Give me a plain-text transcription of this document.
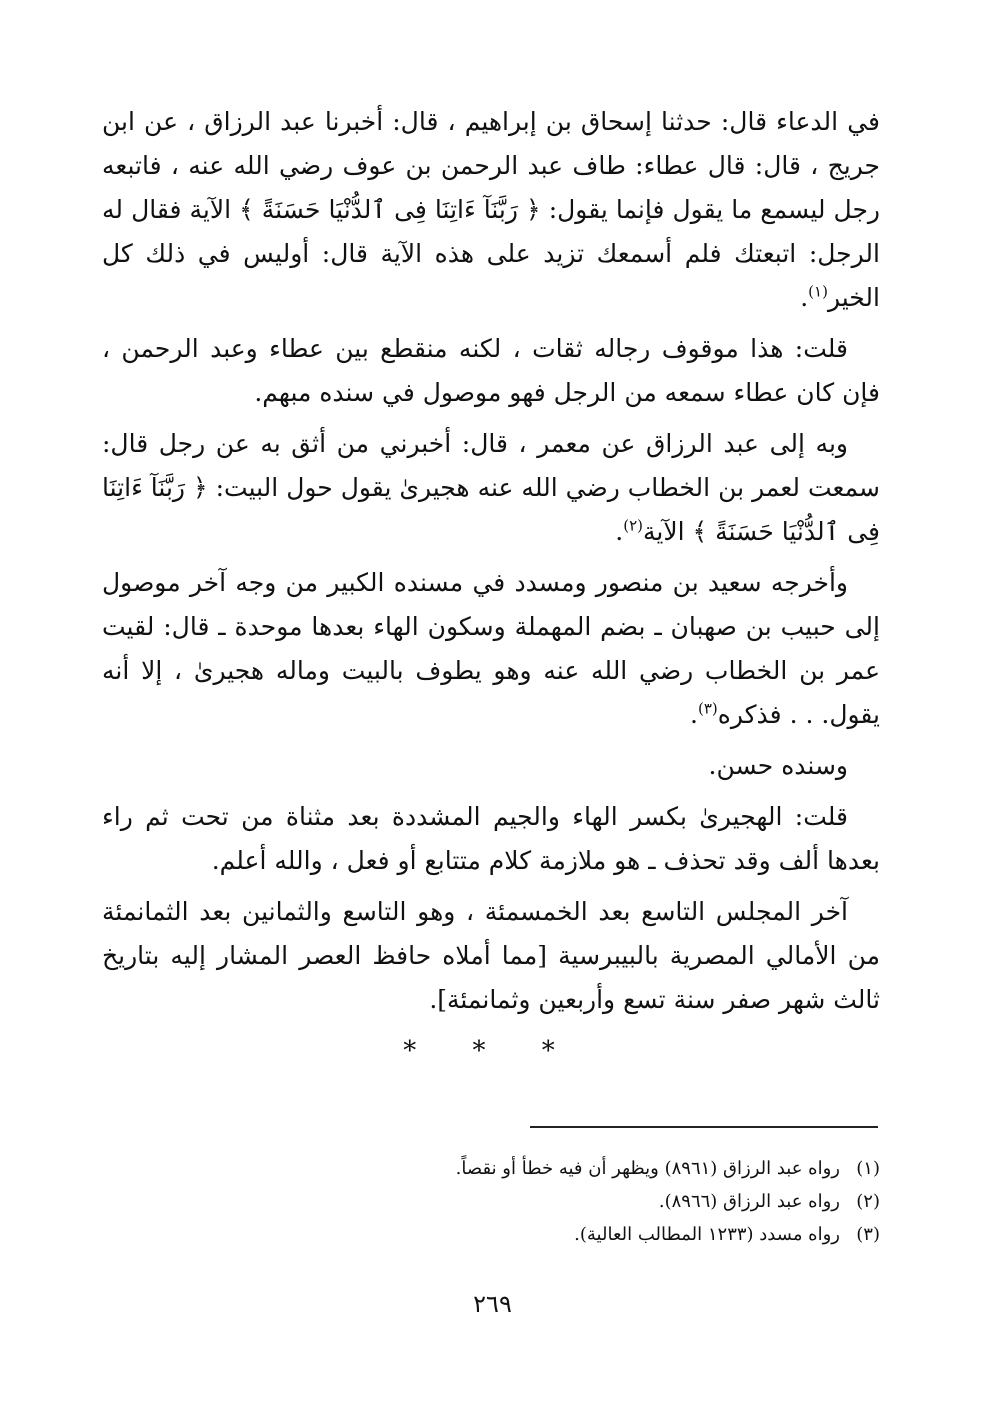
في الدعاء قال: حدثنا إسحاق بن إبراهيم ، قال: أخبرنا عبد الرزاق ، عن ابن جريج ، قال: قال عطاء: طاف عبد الرحمن بن عوف رضي الله عنه ، فاتبعه رجل ليسمع ما يقول فإنما يقول: ﴿ رَبَّنَآ ءَاتِنَا فِى ٱلدُّنْيَا حَسَنَةً ﴾ الآية فقال له الرجل: اتبعتك فلم أسمعك تزيد على هذه الآية قال: أوليس في ذلك كل الخير$^{(١)}$.

قلت: هذا موقوف رجاله ثقات ، لكنه منقطع بين عطاء وعبد الرحمن ، فإن كان عطاء سمعه من الرجل فهو موصول في سنده مبهم.

وبه إلى عبد الرزاق عن معمر ، قال: أخبرني من أثق به عن رجل قال: سمعت لعمر بن الخطاب رضي الله عنه هجيرىٰ يقول حول البيت: ﴿ رَبَّنَآ ءَاتِنَا فِى ٱلدُّنْيَا حَسَنَةً ﴾ الآية$^{(٢)}$.

وأخرجه سعيد بن منصور ومسدد في مسنده الكبير من وجه آخر موصول إلى حبيب بن صهبان ـ بضم المهملة وسكون الهاء بعدها موحدة ـ قال: لقيت عمر بن الخطاب رضي الله عنه وهو يطوف بالبيت وماله هجيرىٰ ، إلا أنه يقول. . . فذكره$^{(٣)}$.

وسنده حسن.

قلت: الهجيرىٰ بكسر الهاء والجيم المشددة بعد مثناة من تحت ثم راء بعدها ألف وقد تحذف ـ هو ملازمة كلام متتابع أو فعل ، والله أعلم.

آخر المجلس التاسع بعد الخمسمئة ، وهو التاسع والثمانين بعد الثمانمئة من الأمالي المصرية بالبيبرسية [مما أملاه حافظ العصر المشار إليه بتاريخ ثالث شهر صفر سنة تسع وأربعين وثمانمئة].

* * *
(١)
رواه عبد الرزاق (٨٩٦١) ويظهر أن فيه خطأ أو نقصاً.
(٢)
رواه عبد الرزاق (٨٩٦٦).
(٣)
رواه مسدد (١٢٣٣ المطالب العالية).
٢٦٩
